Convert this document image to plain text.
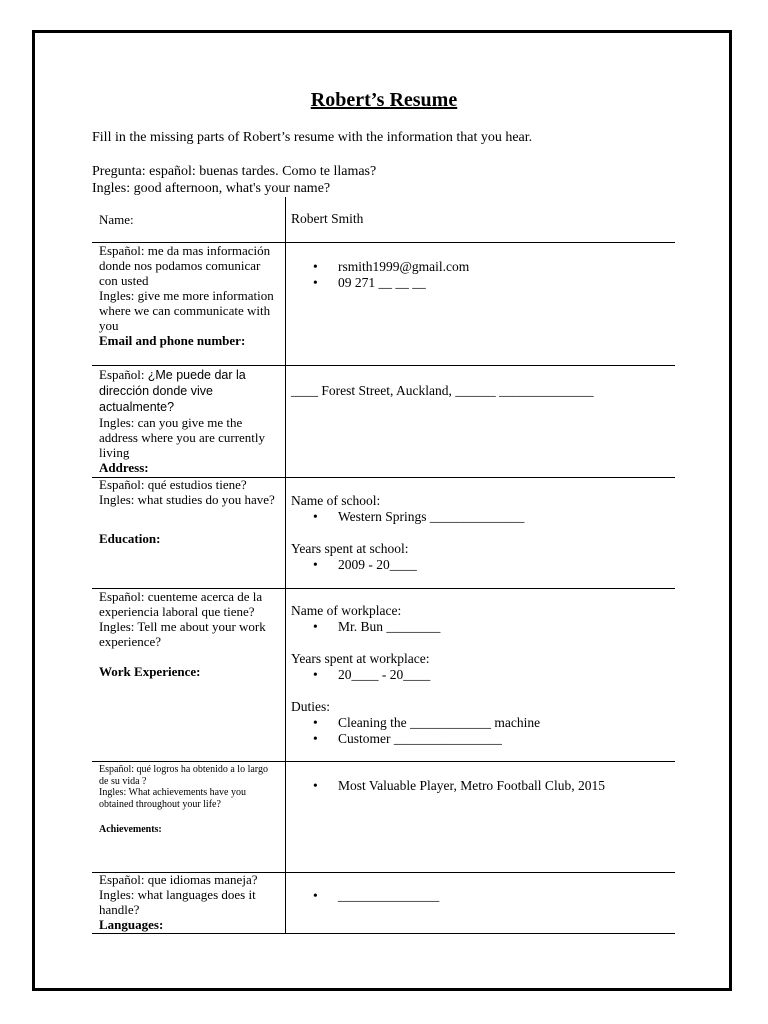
Robert’s Resume
Fill in the missing parts of Robert’s resume with the information that you hear.
Pregunta: español: buenas tardes. Como te llamas?
Ingles: good afternoon, what's your name?
Name:	Robert Smith
Español: me da mas información donde nos podamos comunicar con usted
Ingles: give me more information where we can communicate with you
Email and phone number:
• rsmith1999@gmail.com
• 09 271 __ __ __
Español: ¿Me puede dar la dirección donde vive actualmente?
Ingles: can you give me the address where you are currently living
Address:
____ Forest Street, Auckland, ______ ______________
Español: qué estudios tiene?
Ingles: what studies do you have?
Education:
Name of school:
• Western Springs ______________
Years spent at school:
• 2009 - 20____
Español: cuenteme acerca de la experiencia laboral que tiene?
Ingles: Tell me about your work experience?
Work Experience:
Name of workplace:
• Mr. Bun ________
Years spent at workplace:
• 20____ - 20____
Duties:
• Cleaning the ____________ machine
• Customer ________________
Español: qué logros ha obtenido a lo largo de su vida ?
Ingles: What achievements have you obtained throughout your life?
Achievements:
• Most Valuable Player, Metro Football Club, 2015
Español: que idiomas maneja?
Ingles: what languages does it handle?
Languages:
• _______________
